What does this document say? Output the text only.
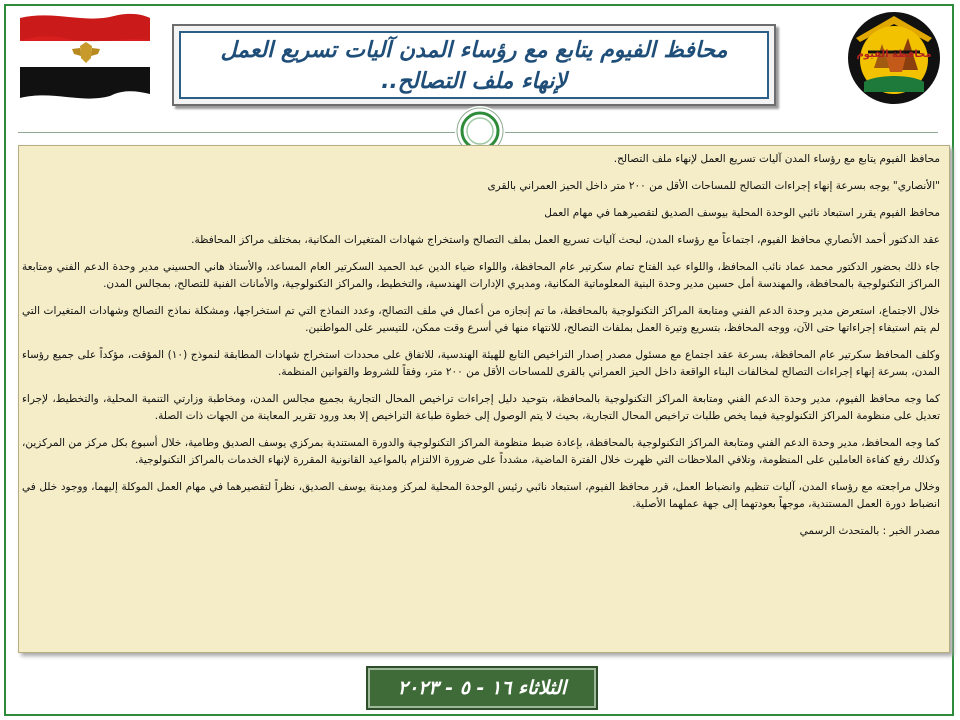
محافظة الفيوم
محافظ الفيوم يتابع مع رؤساء المدن آليات تسريع العمل
لإنهاء ملف التصالح..

محافظ الفيوم يتابع مع رؤساء المدن آليات تسريع العمل لإنهاء ملف التصالح.

"الأنصاري" يوجه بسرعة إنهاء إجراءات التصالح للمساحات الأقل من ٢٠٠ متر داخل الحيز العمراني بالقرى

محافظ الفيوم يقرر استبعاد نائبي الوحدة المحلية بيوسف الصديق لتقصيرهما في مهام العمل

عقد الدكتور أحمد الأنصاري محافظ الفيوم، اجتماعاً مع رؤساء المدن، لبحث آليات تسريع العمل بملف التصالح واستخراج شهادات المتغيرات المكانية، بمختلف مراكز المحافظة.

جاء ذلك بحضور الدكتور محمد عماد نائب المحافظ، واللواء عبد الفتاح تمام سكرتير عام المحافظة، واللواء ضياء الدين عبد الحميد السكرتير العام المساعد، والأستاذ هاني الحسيني مدير وحدة الدعم الفني ومتابعة المراكز التكنولوجية بالمحافظة، والمهندسة أمل حسين مدير وحدة البنية المعلوماتية المكانية، ومديري الإدارات الهندسية، والتخطيط، والمراكز التكنولوجية، والأمانات الفنية للتصالح، بمجالس المدن.

خلال الاجتماع، استعرض مدير وحدة الدعم الفني ومتابعة المراكز التكنولوجية بالمحافظة، ما تم إنجازه من أعمال في ملف التصالح، وعدد النماذج التي تم استخراجها، ومشكلة نماذج التصالح وشهادات المتغيرات التي لم يتم استيفاء إجراءاتها حتى الآن، ووجه المحافظ، بتسريع وتيرة العمل بملفات التصالح، للانتهاء منها في أسرع وقت ممكن، للتيسير على المواطنين.

وكلف المحافظ سكرتير عام المحافظة، بسرعة عقد اجتماع مع مسئول مصدر إصدار التراخيص التابع للهيئة الهندسية، للاتفاق على محددات استخراج شهادات المطابقة لنموذج (١٠) المؤقت، مؤكداً على جميع رؤساء المدن، بسرعة إنهاء إجراءات التصالح لمخالفات البناء الواقعة داخل الحيز العمراني بالقرى للمساحات الأقل من ٢٠٠ متر، وفقاً للشروط والقوانين المنظمة.

كما وجه محافظ الفيوم، مدير وحدة الدعم الفني ومتابعة المراكز التكنولوجية بالمحافظة، بتوحيد دليل إجراءات تراخيص المحال التجارية بجميع مجالس المدن، ومخاطبة وزارتي التنمية المحلية، والتخطيط، لإجراء تعديل على منظومة المراكز التكنولوجية فيما يخص طلبات تراخيص المحال التجارية، بحيث لا يتم الوصول إلى خطوة طباعة التراخيص إلا بعد ورود تقرير المعاينة من الجهات ذات الصلة.

كما وجه المحافظ، مدير وحدة الدعم الفني ومتابعة المراكز التكنولوجية بالمحافظة، بإعادة ضبط منظومة المراكز التكنولوجية والدورة المستندية بمركزي يوسف الصديق وطامية، خلال أسبوع بكل مركز من المركزين، وكذلك رفع كفاءة العاملين على المنظومة، وتلافي الملاحظات التي ظهرت خلال الفترة الماضية، مشدداً على ضرورة الالتزام بالمواعيد القانونية المقررة لإنهاء الخدمات بالمراكز التكنولوجية.

وخلال مراجعته مع رؤساء المدن، آليات تنظيم وانضباط العمل، قرر محافظ الفيوم، استبعاد نائبي رئيس الوحدة المحلية لمركز ومدينة يوسف الصديق، نظراً لتقصيرهما في مهام العمل الموكلة إليهما، ووجود خلل في انضباط دورة العمل المستندية، موجهاً بعودتهما إلى جهة عملهما الأصلية.

مصدر الخبر : بالمتحدث الرسمي

الثلاثاء ١٦ - ٥ - ٢٠٢٣
